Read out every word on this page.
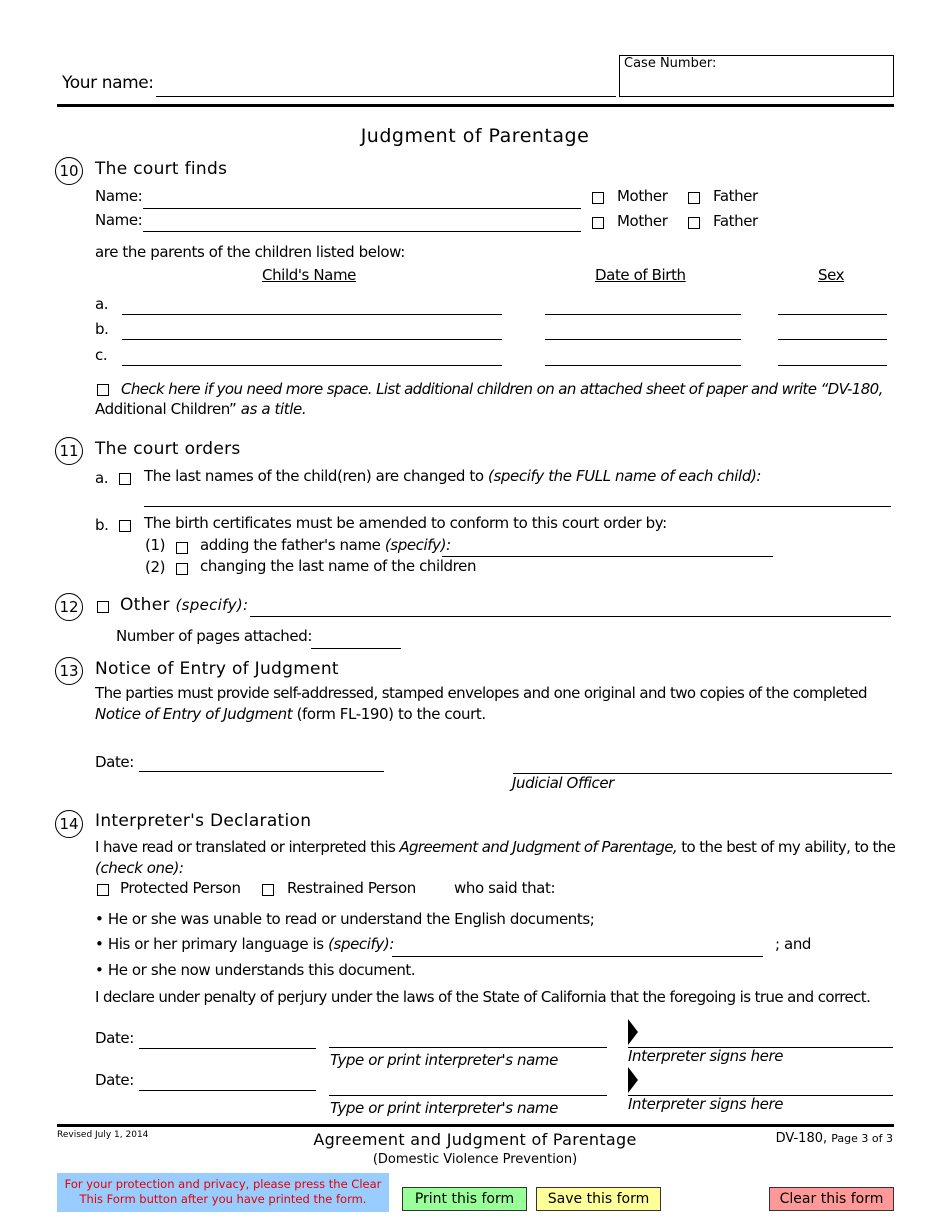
Your name:
Case Number:
Judgment of Parentage
10 The court finds
Name:	Mother	Father
Name:	Mother	Father
are the parents of the children listed below:
Child's Name	Date of Birth	Sex
a.
b.
c.
Check here if you need more space. List additional children on an attached sheet of paper and write “DV-180,
Additional Children” as a title.
11 The court orders
a. The last names of the child(ren) are changed to (specify the FULL name of each child):
b. The birth certificates must be amended to conform to this court order by:
(1) adding the father's name (specify):
(2) changing the last name of the children
12 Other (specify):
Number of pages attached:
13 Notice of Entry of Judgment
The parties must provide self-addressed, stamped envelopes and one original and two copies of the completed
Notice of Entry of Judgment (form FL-190) to the court.
Date:
Judicial Officer
14 Interpreter's Declaration
I have read or translated or interpreted this Agreement and Judgment of Parentage, to the best of my ability, to the
(check one):
Protected Person	Restrained Person	who said that:
• He or she was unable to read or understand the English documents;
• His or her primary language is (specify):	; and
• He or she now understands this document.
I declare under penalty of perjury under the laws of the State of California that the foregoing is true and correct.
Date:
Type or print interpreter's name	Interpreter signs here
Date:
Type or print interpreter's name	Interpreter signs here
Revised July 1, 2014	Agreement and Judgment of Parentage
(Domestic Violence Prevention)
DV-180, Page 3 of 3
For your protection and privacy, please press the Clear
This Form button after you have printed the form.	Print this form	Save this form	Clear this form
